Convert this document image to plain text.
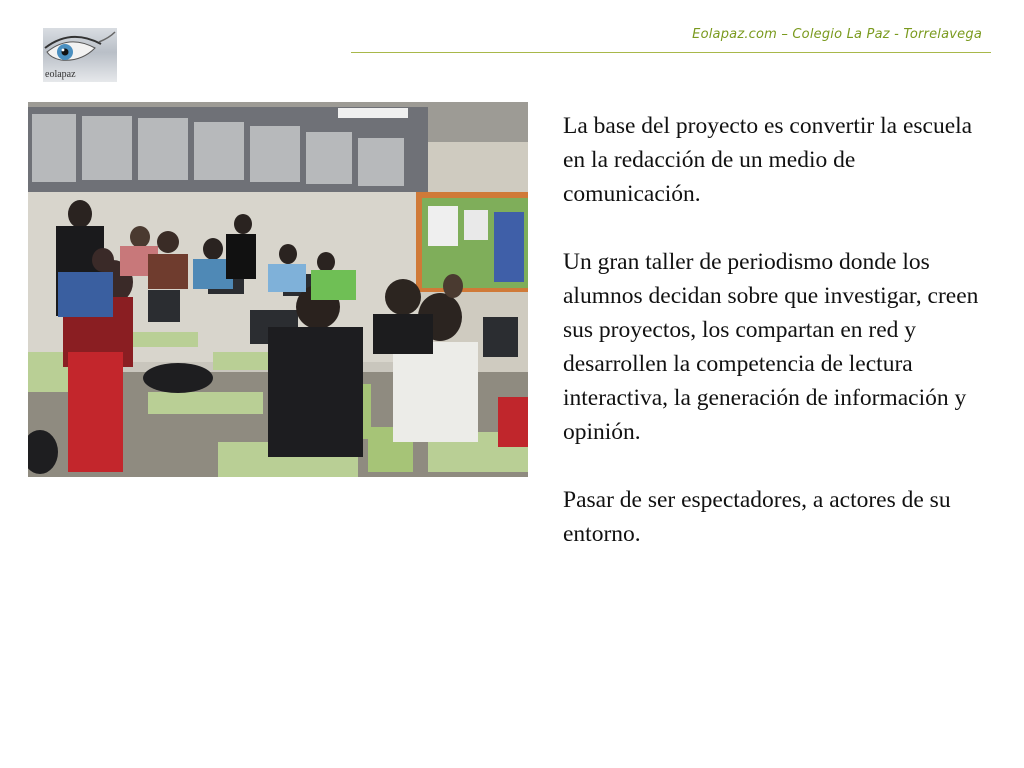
eolapaz
Eolapaz.com – Colegio La Paz - Torrelavega

La base del proyecto es convertir la escuela en la redacción de un medio de comunicación.

Un gran taller de periodismo donde los alumnos decidan sobre que investigar, creen sus proyectos, los compartan en red y desarrollen la competencia de lectura interactiva, la generación de información y opinión.

Pasar de ser espectadores, a actores de su entorno.
